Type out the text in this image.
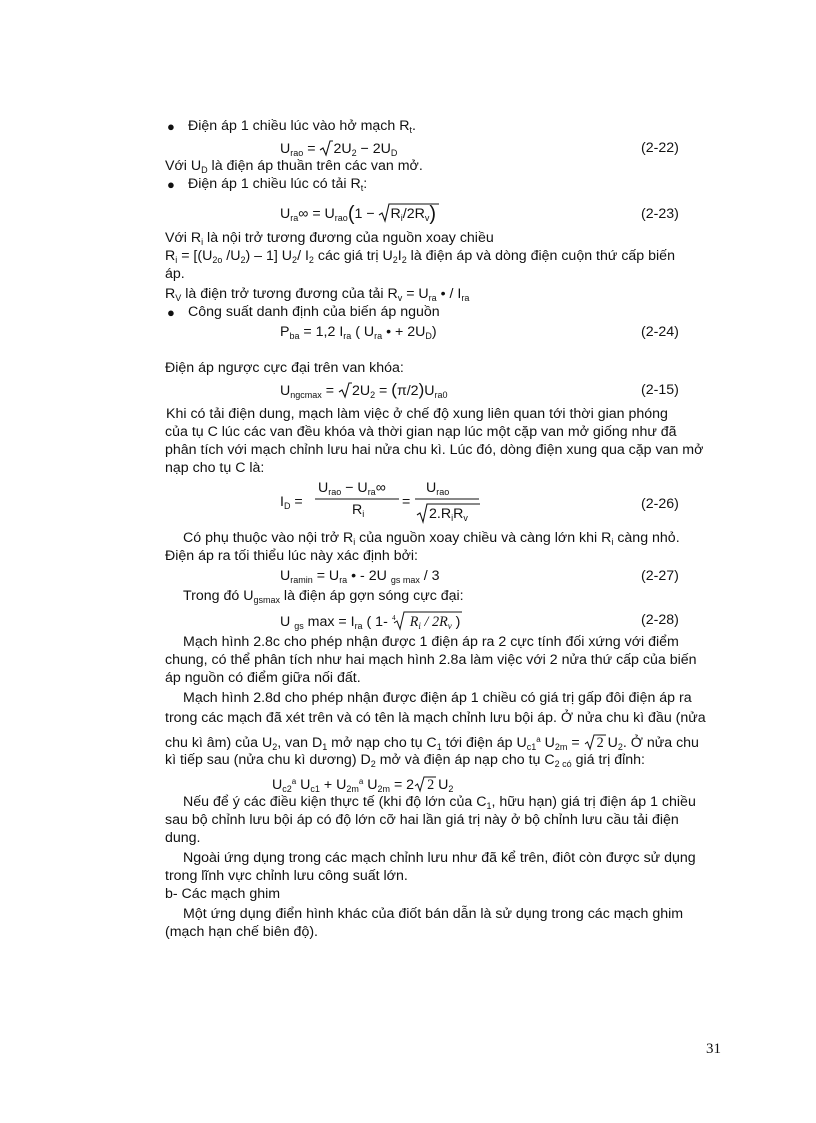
● Điện áp 1 chiều lúc vào hở mạch $R_t$.
$U_{rao} = 2U_2 - 2U_D$	(2-22)
Với $U_D$ là điện áp thuần trên các van mở.
● Điện áp 1 chiều lúc có tải $R_t$:
$U_{ra}\infty = U_{rao}(1 - R_i/2R_v)$	(2-23)
Với $R_i$ là nội trở tương đương của nguồn xoay chiều
$R_i = [(U_{2o}$ $/U_2) - 1$] $U_2/$ $I_2$ các giá trị $U_2I_2$ là điện áp và dòng điện cuộn thứ cấp biến
áp.
$R_V$ là điện trở tương đương của tải $R_v = U_{ra}$ • / $I_{ra}$
● Công suất danh định của biến áp nguồn
$P_{ba} = 1,2$ $I_{ra}$ ( $U_{ra}$ • + $2U_D$)	(2-24)
Điện áp ngược cực đại trên van khóa:
$U_{ngcmax} = 2U_2 = (\pi/2)U_{ra0}$	(2-15)
Khi có tải điện dung, mạch làm việc ở chế độ xung liên quan tới thời gian phóng
của tụ C lúc các van đều khóa và thời gian nạp lúc một cặp van mở giống như đã
phân tích với mạch chỉnh lưu hai nửa chu kì. Lúc đó, dòng điện xung qua cặp van mở
nạp cho tụ C là:
$I_D$ =
$U_{rao} - U_{ra}\infty$
$R_i$
=
$U_{rao}$
$2.R_iR_v$
(2-26)
Có phụ thuộc vào nội trở $R_i$ của nguồn xoay chiều và càng lớn khi $R_i$ càng nhỏ.
Điện áp ra tối thiểu lúc này xác định bởi:
$U_{ramin} = U_{ra}$ • - 2U $_{gs max}$ / 3	(2-27)
Trong đó $U_{gsmax}$ là điện áp gợn sóng cực đại:
U $_{gs}$ $\max = I_{ra}$ ( 1- 4 $R_i / 2R_v$ )	(2-28)
Mạch hình 2.8c cho phép nhận được 1 điện áp ra 2 cực tính đối xứng với điểm
chung, có thể phân tích như hai mạch hình 2.8a làm việc với 2 nửa thứ cấp của biến
áp nguồn có điểm giữa nối đất.
Mạch hình 2.8d cho phép nhận được điện áp 1 chiều có giá trị gấp đôi điện áp ra
trong các mạch đã xét trên và có tên là mạch chỉnh lưu bội áp. Ở nửa chu kì đầu (nửa
chu kì âm) của $U_2$, van $D_1$ mở nạp cho tụ $C_1$ tới điện áp $U_{c1}^a$ $U_{2m} = 2$ $U_2$. Ở nửa chu
kì tiếp sau (nửa chu kì dương) $D_2$ mở và điện áp nạp cho tụ $C_{2 có}$ giá trị đỉnh:
$U_{c2}^a$ $U_{c1} + U_{2m}^a$ $U_{2m} = 2$ 2 $U_2$
Nếu để ý các điều kiện thực tế (khi độ lớn của $C_1$, hữu hạn) giá trị điện áp 1 chiều
sau bộ chỉnh lưu bội áp có độ lớn cỡ hai lần giá trị này ở bộ chỉnh lưu cầu tải điện
dung.
Ngoài ứng dụng trong các mạch chỉnh lưu như đã kể trên, điôt còn được sử dụng
trong lĩnh vực chỉnh lưu công suất lớn.
b- Các mạch ghim
Một ứng dụng điển hình khác của điốt bán dẫn là sử dụng trong các mạch ghim
(mạch hạn chế biên độ).
31
